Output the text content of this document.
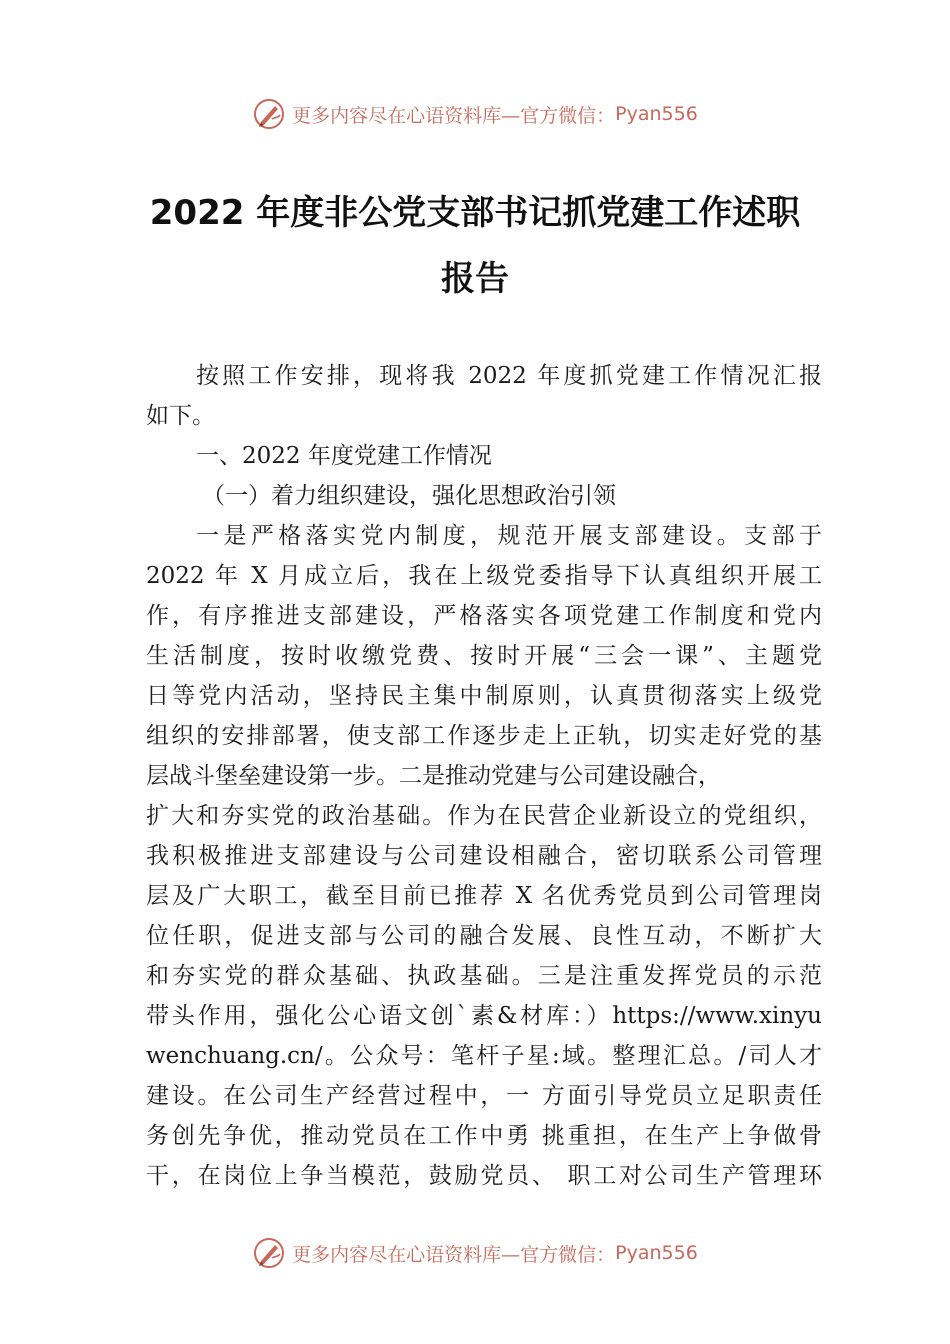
更多内容尽在心语资料库—官方微信： Pyan556
2022 年度非公党支部书记抓党建工作述职
报告
按照工作安排，现将我 2022 年度抓党建工作情况汇报
如下。
一、2022 年度党建工作情况
（一）着力组织建设，强化思想政治引领
一是严格落实党内制度，规范开展支部建设。支部于
2022 年 X 月成立后，我在上级党委指导下认真组织开展工
作，有序推进支部建设，严格落实各项党建工作制度和党内
生活制度，按时收缴党费、按时开展“三会一课”、主题党
日等党内活动，坚持民主集中制原则，认真贯彻落实上级党
组织的安排部署，使支部工作逐步走上正轨，切实走好党的基
层战斗堡垒建设第一步。二是推动党建与公司建设融合，
扩大和夯实党的政治基础。作为在民营企业新设立的党组织，
我积极推进支部建设与公司建设相融合，密切联系公司管理
层及广大职工，截至目前已推荐 X 名优秀党员到公司管理岗
位任职，促进支部与公司的融合发展、良性互动，不断扩大
和夯实党的群众基础、执政基础。三是注重发挥党员的示范
带头作用，强化公心语文创`素&材库：）https://www.xinyu
wenchuang.cn/。公众号：笔杆子星:域。整理汇总。/司人才
建设。在公司生产经营过程中，一 方面引导党员立足职责任
务创先争优，推动党员在工作中勇 挑重担，在生产上争做骨
干，在岗位上争当模范，鼓励党员、 职工对公司生产管理环
更多内容尽在心语资料库—官方微信： Pyan556
